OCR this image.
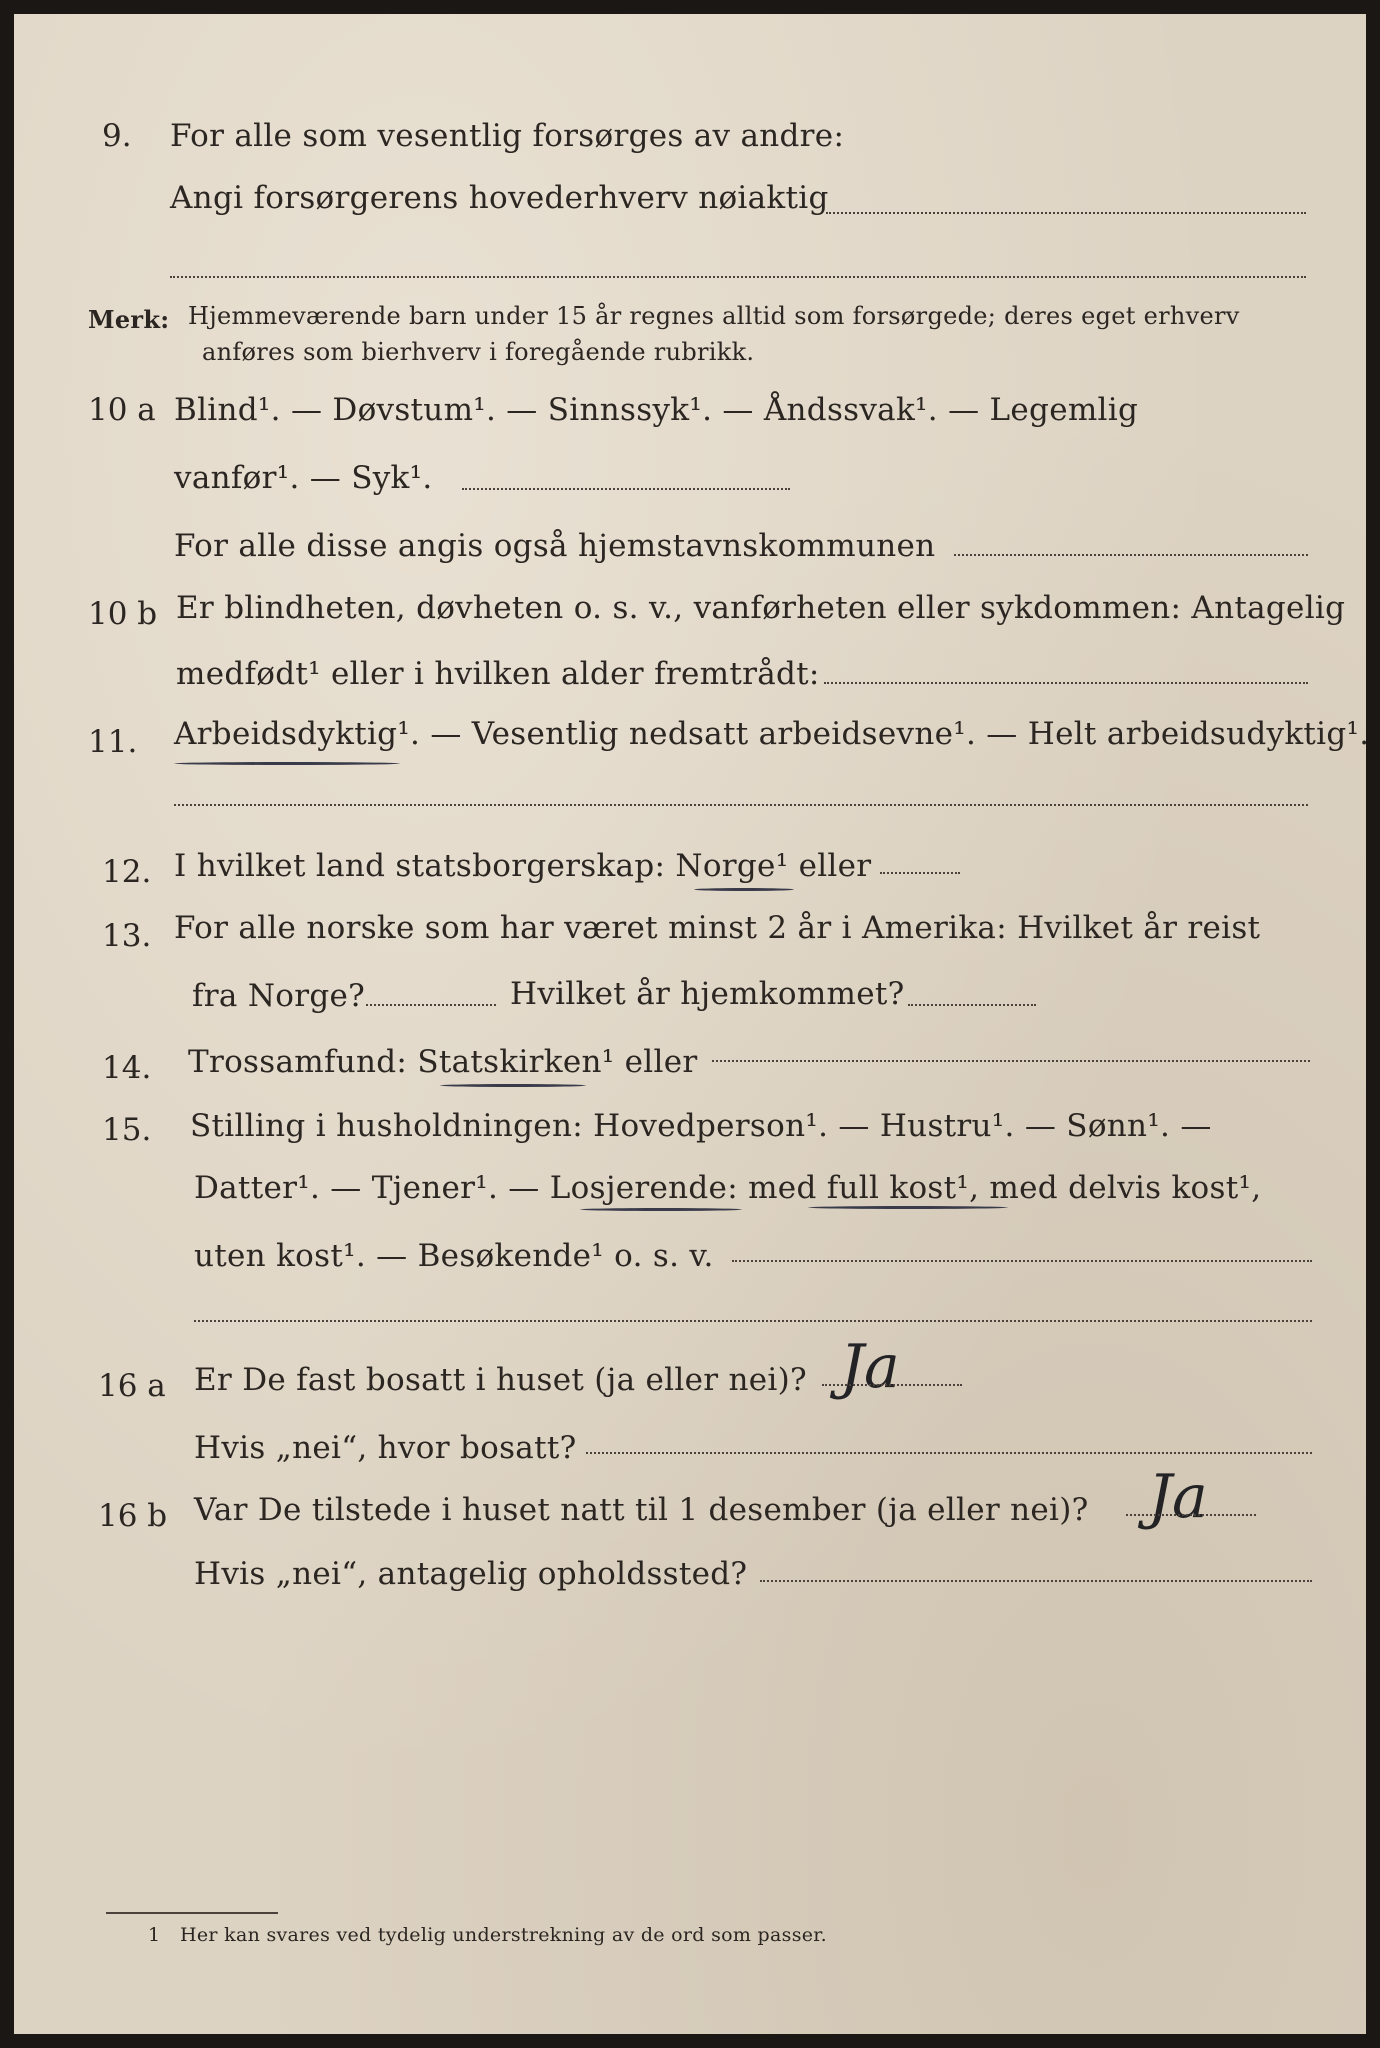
9. For alle som vesentlig forsørges av andre:
Angi forsørgerens hovederhverv nøiaktig
Merk: Hjemmeværende barn under 15 år regnes alltid som forsørgede; deres eget erhverv
anføres som bierhverv i foregående rubrikk.
10 a Blind¹. — Døvstum¹. — Sinnssyk¹. — Åndssvak¹. — Legemlig
vanfør¹. — Syk¹.
For alle disse angis også hjemstavnskommunen
10 b Er blindheten, døvheten o. s. v., vanførheten eller sykdommen: Antagelig
medfødt¹ eller i hvilken alder fremtrådt:
11. Arbeidsdyktig¹. — Vesentlig nedsatt arbeidsevne¹. — Helt arbeidsudyktig¹.
12. I hvilket land statsborgerskap: Norge¹ eller
13. For alle norske som har været minst 2 år i Amerika: Hvilket år reist
fra Norge?	Hvilket år hjemkommet?
14. Trossamfund: Statskirken¹ eller
15. Stilling i husholdningen: Hovedperson¹. — Hustru¹. — Sønn¹. —
Datter¹. — Tjener¹. — Losjerende: med full kost¹, med delvis kost¹,
uten kost¹. — Besøkende¹ o. s. v.
16 a Er De fast bosatt i huset (ja eller nei)? Ja
Hvis „nei“, hvor bosatt?
16 b Var De tilstede i huset natt til 1 desember (ja eller nei)? Ja
Hvis „nei“, antagelig opholdssted?
1 Her kan svares ved tydelig understrekning av de ord som passer.
